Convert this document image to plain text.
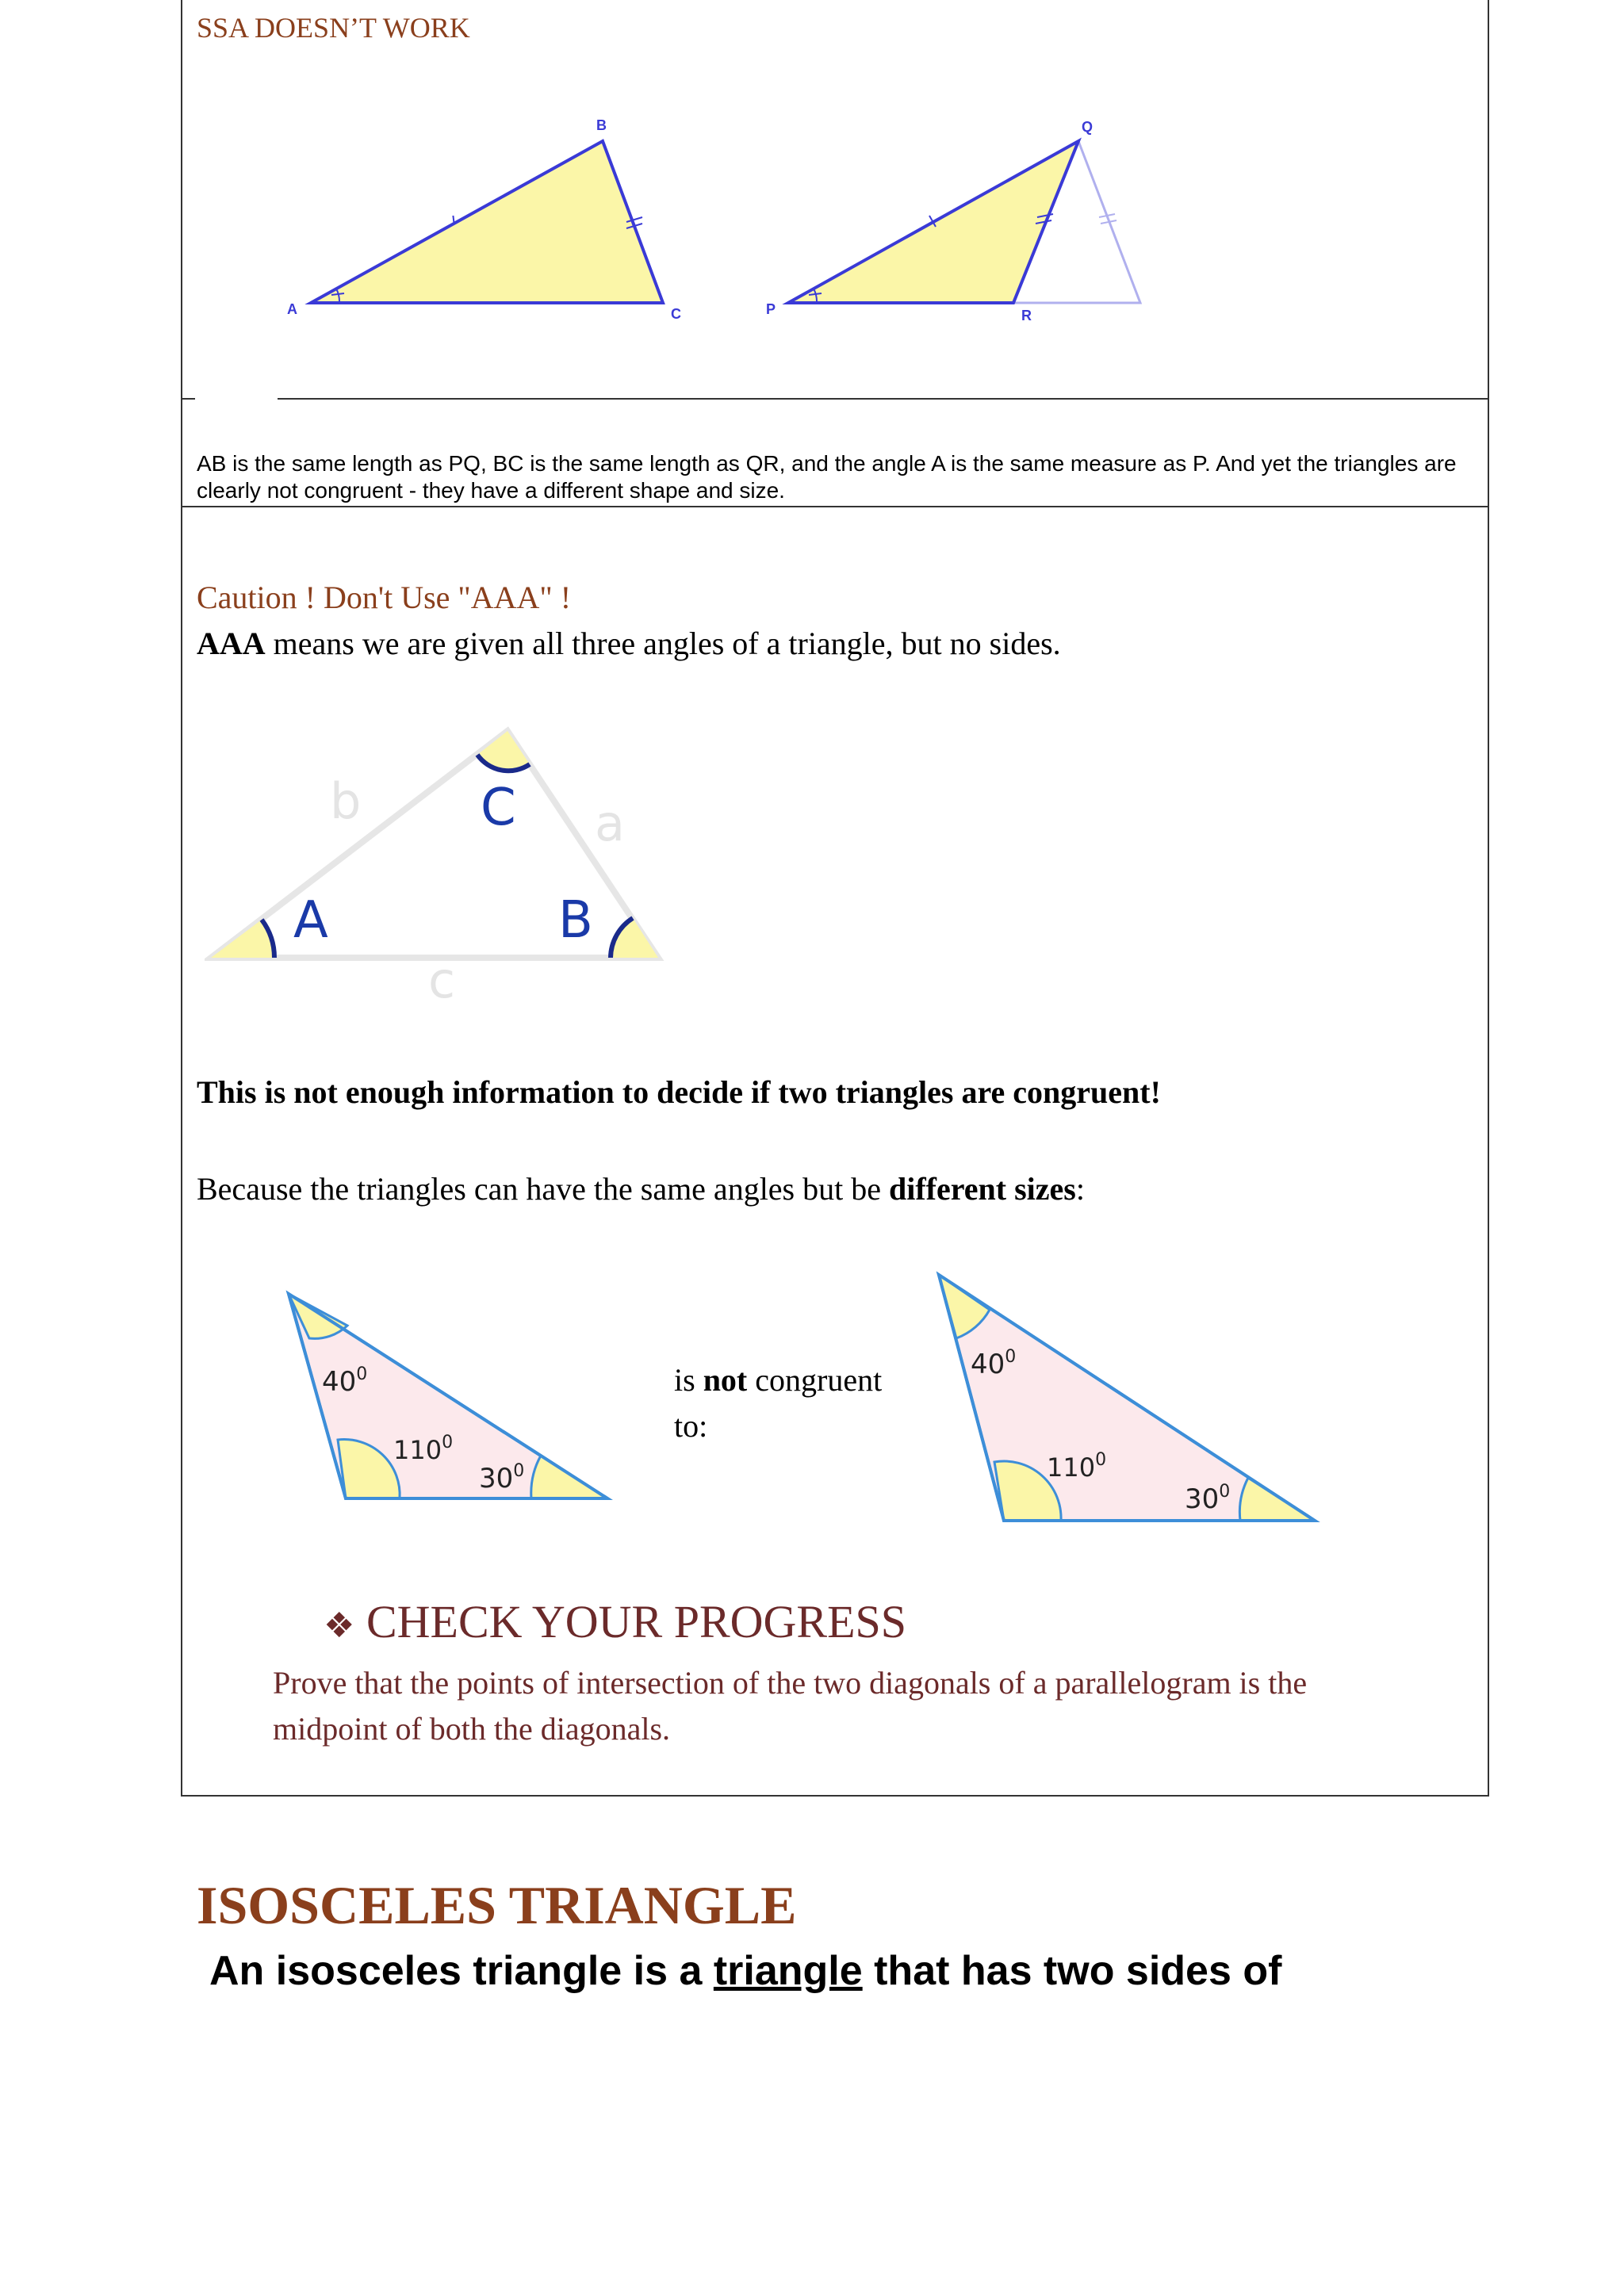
SSA DOESN’T WORK
A
B
C	P
Q
R
AB is the same length as PQ, BC is the same length as QR, and the angle A is the same measure as P. And yet the triangles are clearly not congruent - they have a different shape and size.
Caution ! Don't Use "AAA" !
AAA means we are given all three angles of a triangle, but no sides.
A	B
C a
b
c
This is not enough information to decide if two triangles are congruent!
Because the triangles can have the same angles but be different sizes:
$40^0$
$110^0$
$30^0$
is not congruent
to:
$40^0$
$110^0$
$30^0$
❖ CHECK YOUR PROGRESS
Prove that the points of intersection of the two diagonals of a parallelogram is the
midpoint of both the diagonals.
ISOSCELES TRIANGLE
An isosceles triangle is a triangle that has two sides of
